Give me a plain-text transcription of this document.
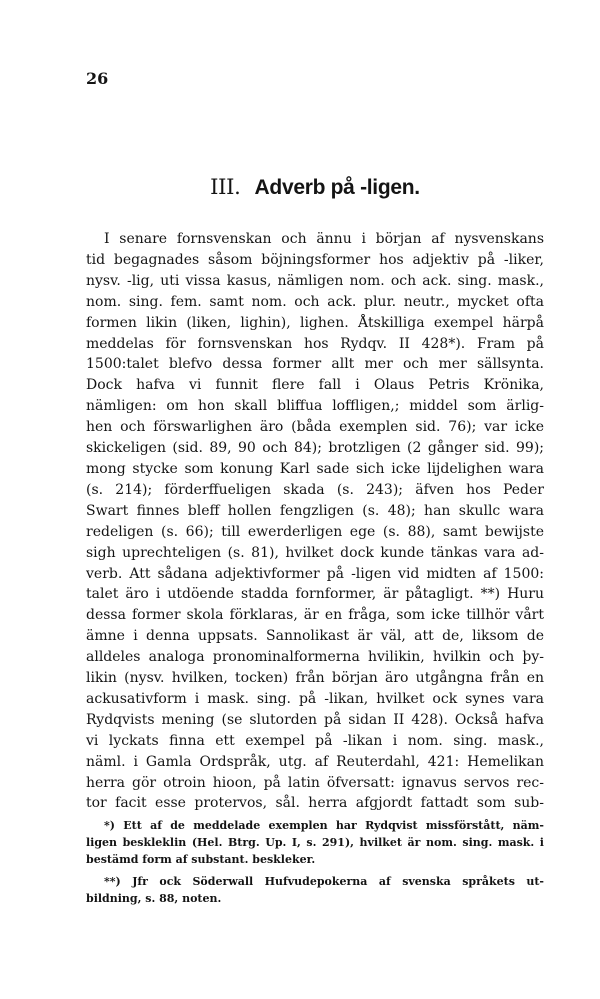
26
III. Adverb på -ligen.
I senare fornsvenskan och ännu i början af nysvenskans
tid begagnades såsom böjningsformer hos adjektiv på -liker,
nysv. -lig, uti vissa kasus, nämligen nom. och ack. sing. mask.,
nom. sing. fem. samt nom. och ack. plur. neutr., mycket ofta
formen likin (liken, lighin), lighen. Åtskilliga exempel härpå
meddelas för fornsvenskan hos Rydqv. II 428*). Fram på
1500:talet blefvo dessa former allt mer och mer sällsynta.
Dock hafva vi funnit flere fall i Olaus Petris Krönika,
nämligen: om hon skall bliffua loffligen,; middel som ärlig-
hen och förswarlighen äro (båda exemplen sid. 76); var icke
skickeligen (sid. 89, 90 och 84); brotzligen (2 gånger sid. 99);
mong stycke som konung Karl sade sich icke lijdelighen wara
(s. 214); förderffueligen skada (s. 243); äfven hos Peder
Swart finnes bleff hollen fengzligen (s. 48); han skullc wara
redeligen (s. 66); till ewerderligen ege (s. 88), samt bewijste
sigh uprechteligen (s. 81), hvilket dock kunde tänkas vara ad-
verb. Att sådana adjektivformer på -ligen vid midten af 1500:
talet äro i utdöende stadda fornformer, är påtagligt. **) Huru
dessa former skola förklaras, är en fråga, som icke tillhör vårt
ämne i denna uppsats. Sannolikast är väl, att de, liksom de
alldeles analoga pronominalformerna hvilikin, hvilkin och þy-
likin (nysv. hvilken, tocken) från början äro utgångna från en
ackusativform i mask. sing. på -likan, hvilket ock synes vara
Rydqvists mening (se slutorden på sidan II 428). Också hafva
vi lyckats finna ett exempel på -likan i nom. sing. mask.,
näml. i Gamla Ordspråk, utg. af Reuterdahl, 421: Hemelikan
herra gör otroin hioon, på latin öfversatt: ignavus servos rec-
tor facit esse protervos, sål. herra afgjordt fattadt som sub-
*) Ett af de meddelade exemplen har Rydqvist missförstått, näm-
ligen beskleklin (Hel. Btrg. Up. I, s. 291), hvilket är nom. sing. mask. i
bestämd form af substant. beskleker.
**) Jfr ock Söderwall Hufvudepokerna af svenska språkets ut-
bildning, s. 88, noten.
